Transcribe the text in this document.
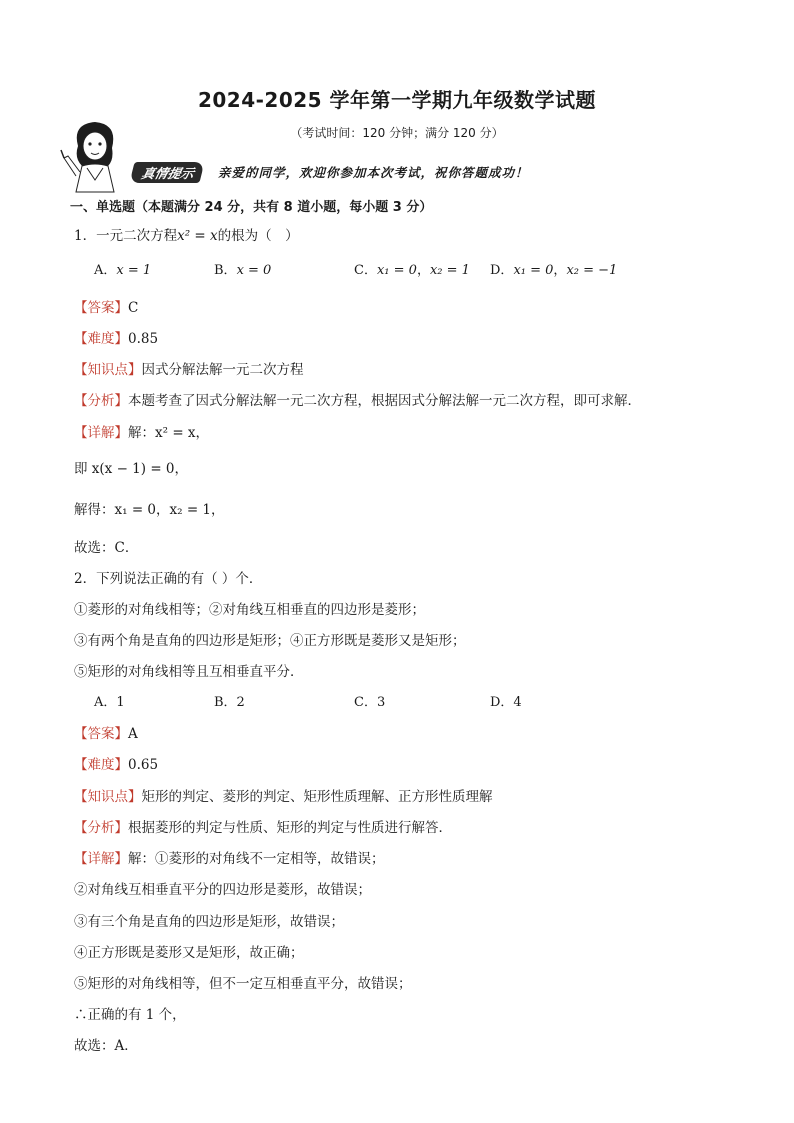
2024-2025 学年第一学期九年级数学试题
（考试时间：120 分钟；满分 120 分）
真情提示	亲爱的同学，欢迎你参加本次考试，祝你答题成功！
一、单选题（本题满分 24 分，共有 8 道小题，每小题 3 分）
1．一元二次方程x² = x的根为（　）
A．x = 1	B．x = 0	C．x₁ = 0，x₂ = 1 D．x₁ = 0，x₂ = −1
【答案】C
【难度】0.85
【知识点】因式分解法解一元二次方程
【分析】本题考查了因式分解法解一元二次方程，根据因式分解法解一元二次方程，即可求解．
【详解】解：x² = x，
即 x(x − 1) = 0，
解得：x₁ = 0，x₂ = 1，
故选：C．
2．下列说法正确的有（ ）个．
①菱形的对角线相等；②对角线互相垂直的四边形是菱形；
③有两个角是直角的四边形是矩形；④正方形既是菱形又是矩形；
⑤矩形的对角线相等且互相垂直平分．
A．1	B．2	C．3	D．4
【答案】A
【难度】0.65
【知识点】矩形的判定、菱形的判定、矩形性质理解、正方形性质理解
【分析】根据菱形的判定与性质、矩形的判定与性质进行解答．
【详解】解：①菱形的对角线不一定相等，故错误；
②对角线互相垂直平分的四边形是菱形，故错误；
③有三个角是直角的四边形是矩形，故错误；
④正方形既是菱形又是矩形，故正确；
⑤矩形的对角线相等，但不一定互相垂直平分，故错误；
∴正确的有 1 个，
故选：A．
